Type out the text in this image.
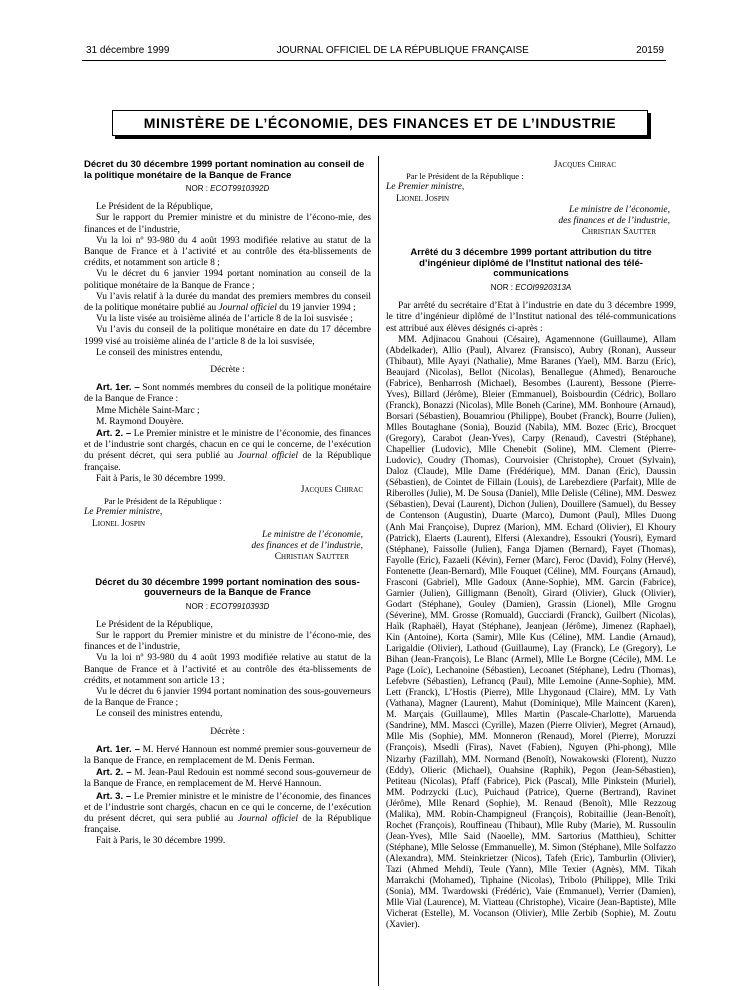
31 décembre 1999	JOURNAL OFFICIEL DE LA RÉPUBLIQUE FRANÇAISE	20159
MINISTÈRE DE L’ÉCONOMIE, DES FINANCES ET DE L’INDUSTRIE
Décret du 30 décembre 1999 portant nomination au conseil de la politique monétaire de la Banque de France
NOR : ECOT9910392D

Le Président de la République,

Sur le rapport du Premier ministre et du ministre de l’écono-mie, des finances et de l’industrie,

Vu la loi nº 93-980 du 4 août 1993 modifiée relative au statut de la Banque de France et à l’activité et au contrôle des éta-blissements de crédits, et notamment son article 8 ;

Vu le décret du 6 janvier 1994 portant nomination au conseil de la politique monétaire de la Banque de France ;

Vu l’avis relatif à la durée du mandat des premiers membres du conseil de la politique monétaire publié au Journal officiel du 19 janvier 1994 ;

Vu la liste visée au troisième alinéa de l’article 8 de la loi susvisée ;

Vu l’avis du conseil de la politique monétaire en date du 17 décembre 1999 visé au troisième alinéa de l’article 8 de la loi susvisée,

Le conseil des ministres entendu,

Décrète :

Art. 1er. – Sont nommés membres du conseil de la politique monétaire de la Banque de France :

Mme Michèle Saint-Marc ;

M. Raymond Douyère.

Art. 2. – Le Premier ministre et le ministre de l’économie, des finances et de l’industrie sont chargés, chacun en ce qui le concerne, de l’exécution du présent décret, qui sera publié au Journal officiel de la République française.

Fait à Paris, le 30 décembre 1999.

Jacques Chirac

Par le Président de la République :

Le Premier ministre,

Lionel Jospin

Le ministre de l’économie,

des finances et de l’industrie,

Christian Sautter

Décret du 30 décembre 1999 portant nomination des sous-gouverneurs de la Banque de France
NOR : ECOT9910393D

Le Président de la République,

Sur le rapport du Premier ministre et du ministre de l’écono-mie, des finances et de l’industrie,

Vu la loi nº 93-980 du 4 août 1993 modifiée relative au statut de la Banque de France et à l’activité et au contrôle des éta-blissements de crédits, et notamment son article 13 ;

Vu le décret du 6 janvier 1994 portant nomination des sous-gouverneurs de la Banque de France ;

Le conseil des ministres entendu,

Décrète :

Art. 1er. – M. Hervé Hannoun est nommé premier sous-gouverneur de la Banque de France, en remplacement de M. Denis Ferman.

Art. 2. – M. Jean-Paul Redouin est nommé second sous-gouverneur de la Banque de France, en remplacement de M. Hervé Hannoun.

Art. 3. – Le Premier ministre et le ministre de l’économie, des finances et de l’industrie sont chargés, chacun en ce qui le concerne, de l’exécution du présent décret, qui sera publié au Journal officiel de la République française.

Fait à Paris, le 30 décembre 1999.

Jacques Chirac

Par le Président de la République :

Le Premier ministre,

Lionel Jospin

Le ministre de l’économie,

des finances et de l’industrie,

Christian Sautter

Arrêté du 3 décembre 1999 portant attribution du titre d’ingénieur diplômé de l’Institut national des télé-communications
NOR : ECOI9920313A

Par arrêté du secrétaire d’Etat à l’industrie en date du 3 décembre 1999, le titre d’ingénieur diplômé de l’Institut national des télé-communications est attribué aux élèves désignés ci-après :

MM. Adjinacou Gnahoui (Césaire), Agamennone (Guillaume), Allam (Abdelkader), Allio (Paul), Alvarez (Fransisco), Aubry (Ronan), Ausseur (Thibaut), Mlle Ayayi (Nathalie), Mme Baranes (Yael), MM. Barzu (Eric), Beaujard (Nicolas), Bellot (Nicolas), Benallegue (Ahmed), Benarouche (Fabrice), Benharrosh (Michael), Besombes (Laurent), Bessone (Pierre-Yves), Billard (Jérôme), Bleier (Emmanuel), Boisbourdin (Cédric), Bollaro (Franck), Bonazzi (Nicolas), Mlle Boneh (Carine), MM. Bonhoure (Arnaud), Borsari (Sébastien), Bouamriou (Philippe), Boubet (Franck), Bourre (Julien), Mlles Boutaghane (Sonia), Bouzid (Nabila), MM. Bozec (Eric), Brocquet (Gregory), Carabot (Jean-Yves), Carpy (Renaud), Cavestri (Stéphane), Chapellier (Ludovic), Mlle Chenebit (Soline), MM. Clement (Pierre-Ludovic), Coudry (Thomas), Courvoisier (Christophe), Crouet (Sylvain), Daloz (Claude), Mlle Dame (Frédérique), MM. Danan (Eric), Daussin (Sébastien), de Cointet de Fillain (Louis), de Larebezdiere (Parfait), Mlle de Riberolles (Julie), M. De Sousa (Daniel), Mlle Delisle (Céline), MM. Deswez (Sébastien), Devai (Laurent), Dichon (Julien), Douillere (Samuel), du Bessey de Contenson (Augustin), Duarte (Marco), Dumont (Paul), Mlles Duong (Anh Mai Françoise), Duprez (Marion), MM. Echard (Olivier), El Khoury (Patrick), Elaerts (Laurent), Elfersi (Alexandre), Essoukri (Yousri), Eymard (Stéphane), Faissolle (Julien), Fanga Djamen (Bernard), Fayet (Thomas), Fayolle (Eric), Fazaeli (Kévin), Ferner (Marc), Feroc (David), Folny (Hervé), Fontenette (Jean-Bernard), Mlle Fouquet (Céline), MM. Fourçans (Arnaud), Frasconi (Gabriel), Mlle Gadoux (Anne-Sophie), MM. Garcin (Fabrice), Garnier (Julien), Gilligmann (Benoît), Girard (Olivier), Gluck (Olivier), Godart (Stéphane), Gouley (Damien), Grassin (Lionel), Mlle Grognu (Séverine), MM. Grosse (Romuald), Gucciardi (Franck), Guilbert (Nicolas), Haïk (Raphaël), Hayat (Stéphane), Jeanjean (Jérôme), Jimenez (Raphael), Kin (Antoine), Korta (Samir), Mlle Kus (Céline), MM. Landie (Arnaud), Larigaldie (Olivier), Lathoud (Guillaume), Lay (Franck), Le (Gregory), Le Bihan (Jean-François), Le Blanc (Armel), Mlle Le Borgne (Cécile), MM. Le Page (Loïc), Lechanoine (Sébastien), Lecoanet (Stéphane), Ledru (Thomas), Lefebvre (Sébastien), Lefrancq (Paul), Mlle Lemoine (Anne-Sophie), MM. Lett (Franck), L’Hostis (Pierre), Mlle Lhygonaud (Claire), MM. Ly Vath (Vathana), Magner (Laurent), Mahut (Dominique), Mlle Maincent (Karen), M. Marçais (Guillaume), Mlles Martin (Pascale-Charlotte), Maruenda (Sandrine), MM. Mascci (Cyrille), Mazen (Pierre Olivier), Megret (Arnaud), Mlle Mis (Sophie), MM. Monneron (Renaud), Morel (Pierre), Moruzzi (François), Msedli (Firas), Navet (Fabien), Nguyen (Phi-phong), Mlle Nizarhy (Fazillah), MM. Normand (Benoît), Nowakowski (Florent), Nuzzo (Eddy), Olieric (Michael), Ouahsine (Raphik), Pegon (Jean-Sébastien), Petiteau (Nicolas), Pfaff (Fabrice), Pick (Pascal), Mlle Pinkstein (Muriel), MM. Podrzycki (Luc), Puichaud (Patrice), Querne (Bertrand), Ravinet (Jérôme), Mlle Renard (Sophie), M. Renaud (Benoît), Mlle Rezzoug (Malika), MM. Robin-Champigneul (François), Robitaillie (Jean-Benoît), Rochet (François), Rouffineau (Thibaut), Mlle Ruby (Marie), M. Russoulin (Jean-Yves), Mlle Said (Naoelle), MM. Sartorius (Matthieu), Schitter (Stéphane), Mlle Selosse (Emmanuelle), M. Simon (Stéphane), Mlle Solfazzo (Alexandra), MM. Steinkrietzer (Nicos), Tafeh (Eric), Tamburlin (Olivier), Tazi (Ahmed Mehdi), Teule (Yann), Mlle Texier (Agnès), MM. Tikah Marrakchi (Mohamed), Tiphaine (Nicolas), Tribolo (Philippe), Mlle Triki (Sonia), MM. Twardowski (Frédéric), Vaie (Emmanuel), Verrier (Damien), Mlle Vial (Laurence), M. Viatteau (Christophe), Vicaire (Jean-Baptiste), Mlle Vicherat (Estelle), M. Vocanson (Olivier), Mlle Zerbib (Sophie), M. Zoutu (Xavier).
